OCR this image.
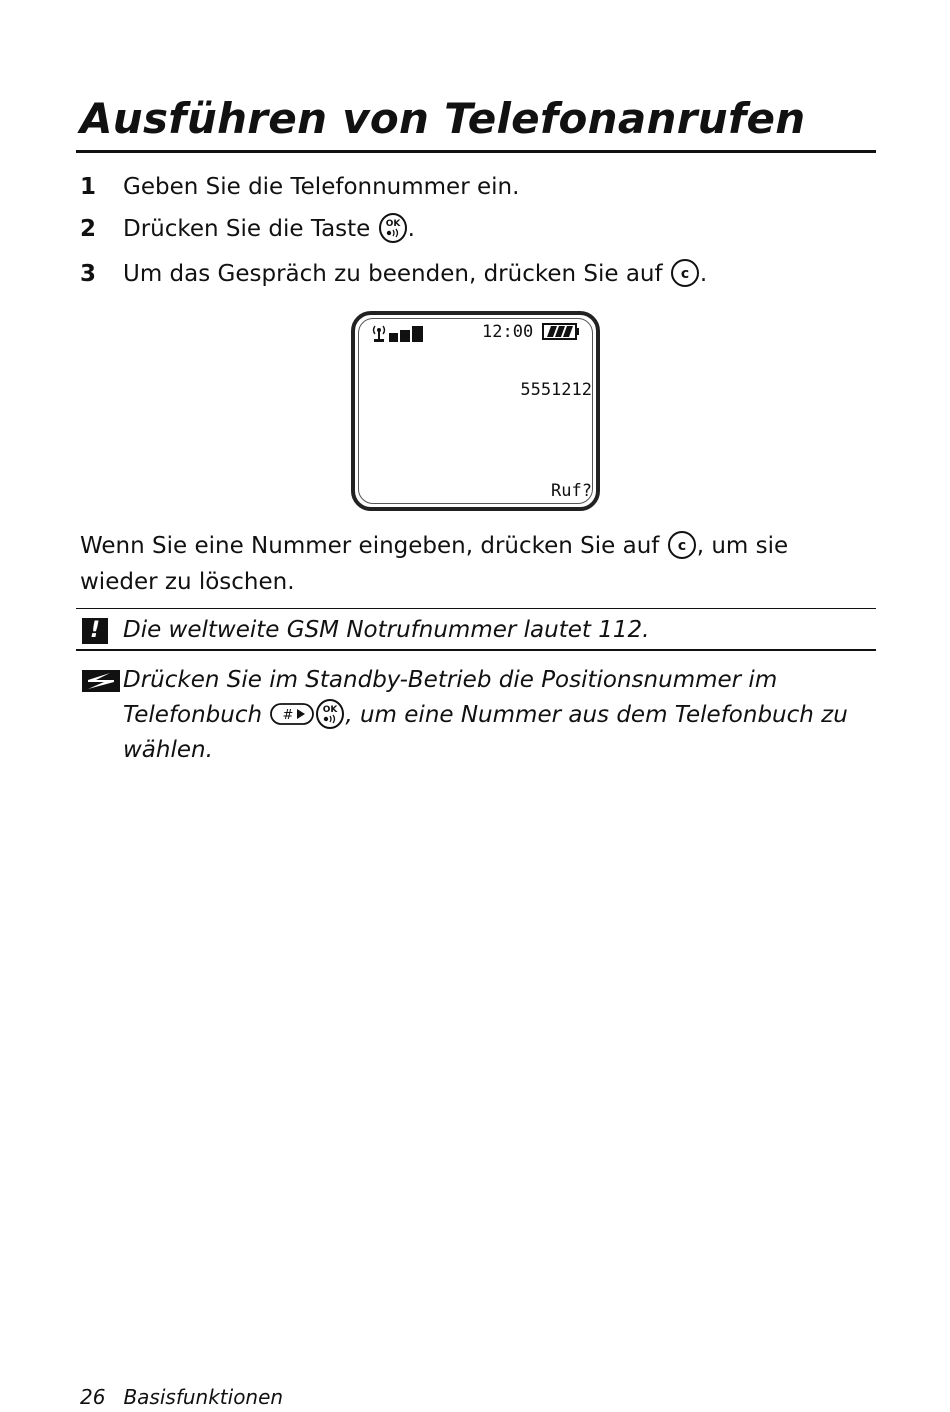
Ausführen von Telefonanrufen
1	Geben Sie die Telefonnummer ein.
2	Drücken Sie die Taste OK .
3	Um das Gespräch zu beenden, drücken Sie auf c .
12:00
5551212
Ruf?

Wenn Sie eine Nummer eingeben, drücken Sie auf c , um sie wieder zu löschen.

! Die weltweite GSM Notrufnummer lautet 112.

Drücken Sie im Standby-Betrieb die Positionsnummer im Telefonbuch #	OK , um eine Nummer aus dem Telefonbuch zu wählen.

26 Basisfunktionen
